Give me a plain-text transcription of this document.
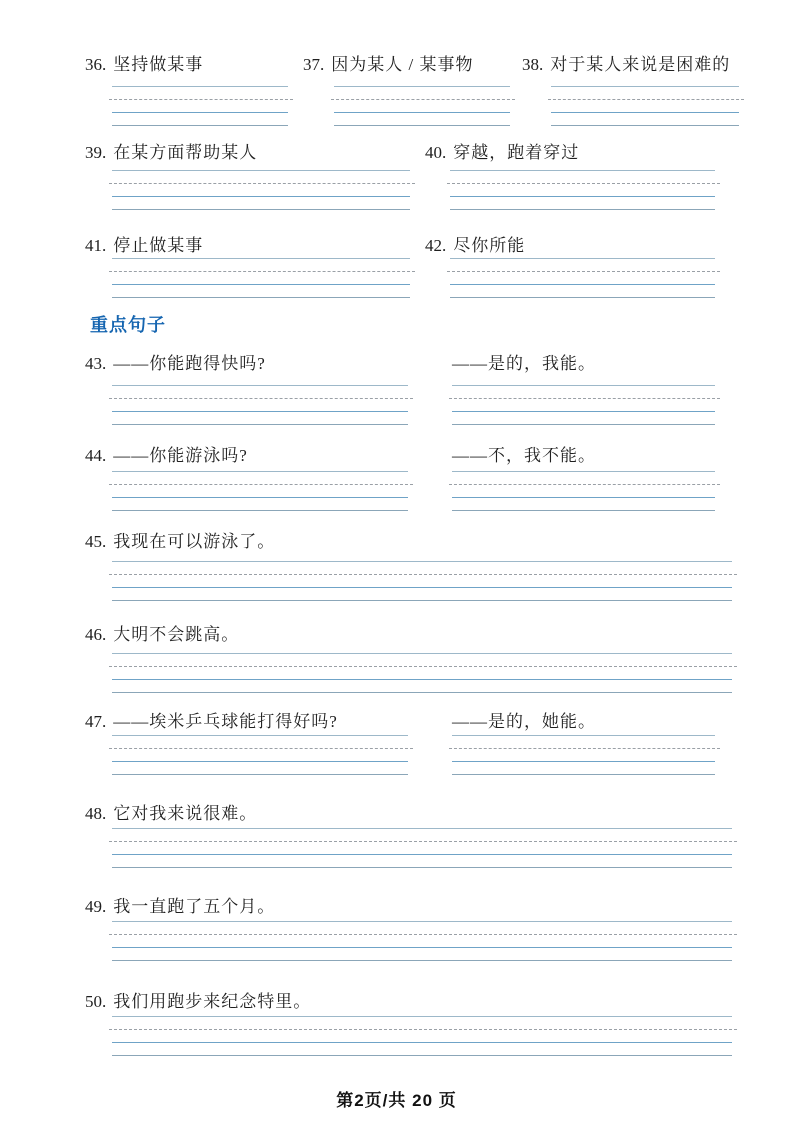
36. 坚持做某事	37. 因为某人 / 某事物	38. 对于某人来说是困难的
39. 在某方面帮助某人	40. 穿越，跑着穿过
41. 停止做某事	42. 尽你所能
重点句子
43. ——你能跑得快吗?	——是的，我能。
44. ——你能游泳吗?	——不，我不能。
45. 我现在可以游泳了。
46. 大明不会跳高。
47. ——埃米乒乓球能打得好吗?	——是的，她能。
48. 它对我来说很难。
49. 我一直跑了五个月。
50. 我们用跑步来纪念特里。
第2页/共 20 页
